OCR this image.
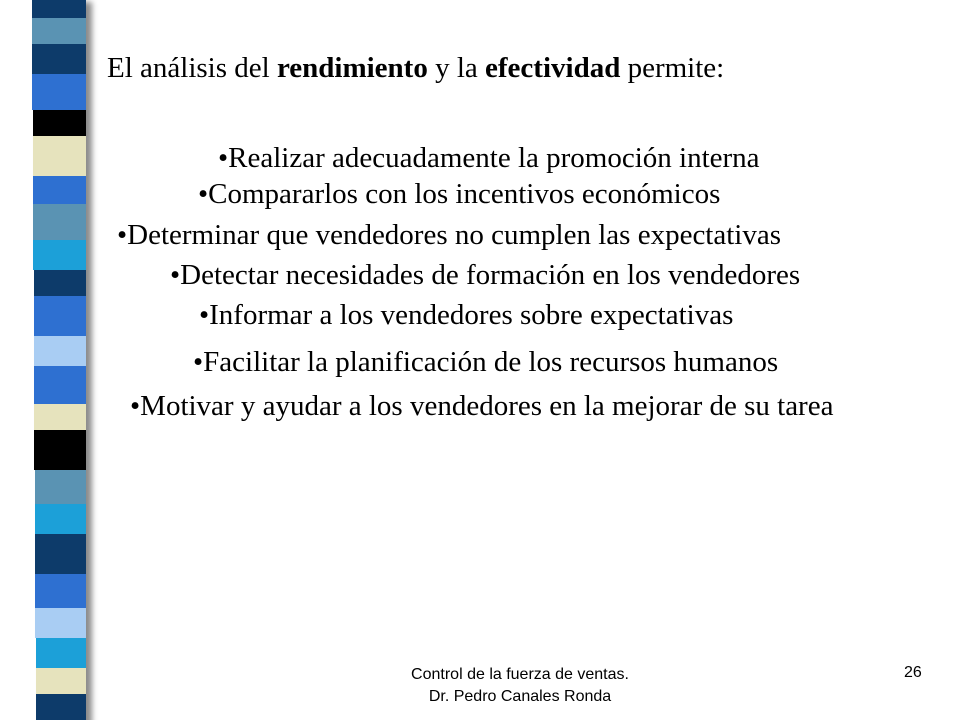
El análisis del rendimiento y la efectividad permite:
•Realizar adecuadamente la promoción interna
•Compararlos con los incentivos económicos
•Determinar que vendedores no cumplen las expectativas
•Detectar necesidades de formación en los vendedores
•Informar a los vendedores sobre expectativas
•Facilitar la planificación de los recursos humanos
•Motivar y ayudar a los vendedores en la mejorar de su tarea
Control de la fuerza de ventas.
Dr. Pedro Canales Ronda
26
